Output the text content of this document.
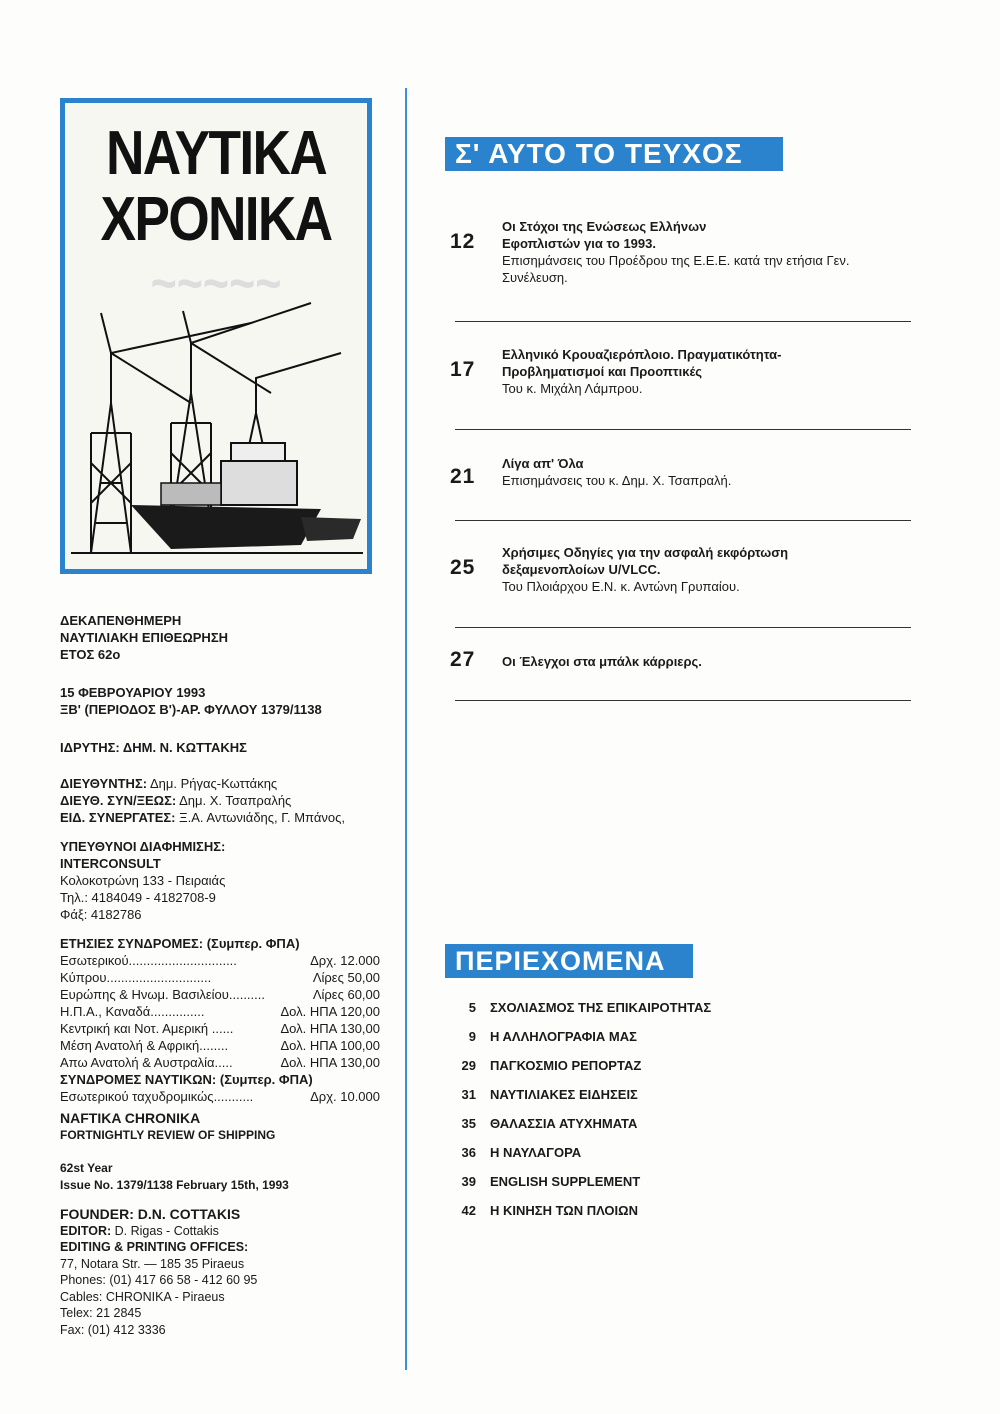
ΝΑΥΤΙΚΑ
ΧΡΟΝΙΚΑ
~~~~~
ΔΕΚΑΠΕΝΘΗΜΕΡΗ
ΝΑΥΤΙΛΙΑΚΗ ΕΠΙΘΕΩΡΗΣΗ
ΕΤΟΣ 62ο
15 ΦΕΒΡΟΥΑΡΙΟΥ 1993
ΞΒ' (ΠΕΡΙΟΔΟΣ Β')-ΑΡ. ΦΥΛΛΟΥ 1379/1138
ΙΔΡΥΤΗΣ: ΔΗΜ. Ν. ΚΩΤΤΑΚΗΣ
ΔΙΕΥΘΥΝΤΗΣ: Δημ. Ρήγας-Κωττάκης
ΔΙΕΥΘ. ΣΥΝ/ΞΕΩΣ: Δημ. Χ. Τσαπραλής
ΕΙΔ. ΣΥΝΕΡΓΑΤΕΣ: Ξ.Α. Αντωνιάδης, Γ. Μπάνος,
ΥΠΕΥΘΥΝΟΙ ΔΙΑΦΗΜΙΣΗΣ:
INTERCONSULT
Κολοκοτρώνη 133 - Πειραιάς
Τηλ.: 4184049 - 4182708-9
Φάξ: 4182786
ΕΤΗΣΙΕΣ ΣΥΝΔΡΟΜΕΣ: (Συμπερ. ΦΠΑ)
Εσωτερικού..............................	Δρχ. 12.000
Κύπρου.............................	Λίρες 50,00
Ευρώπης & Ηνωμ. Βασιλείου..........	Λίρες 60,00
Η.Π.Α., Καναδά...............	Δολ. ΗΠΑ 120,00
Κεντρική και Νοτ. Αμερική ......	Δολ. ΗΠΑ 130,00
Μέση Ανατολή & Αφρική........	Δολ. ΗΠΑ 100,00
Απω Ανατολή & Αυστραλία.....	Δολ. ΗΠΑ 130,00
ΣΥΝΔΡΟΜΕΣ ΝΑΥΤΙΚΩΝ: (Συμπερ. ΦΠΑ)
Εσωτερικού ταχυδρομικώς...........	Δρχ. 10.000
NAFTIKA CHRONIKA
FORTNIGHTLY REVIEW OF SHIPPING
62st Year
Issue No. 1379/1138 February 15th, 1993
FOUNDER: D.N. COTTAKIS
EDITOR: D. Rigas - Cottakis
EDITING & PRINTING OFFICES:
77, Notara Str. — 185 35 Piraeus
Phones: (01) 417 66 58 - 412 60 95
Cables: CHRONIKA - Piraeus
Telex: 21 2845
Fax: (01) 412 3336
Σ' ΑΥΤΟ ΤΟ ΤΕΥΧΟΣ
12
Οι Στόχοι της Ενώσεως Ελλήνων Εφοπλιστών για το 1993.
Επισημάνσεις του Προέδρου της Ε.Ε.Ε. κατά την ετήσια Γεν. Συνέλευση.
17
Ελληνικό Κρουαζιερόπλοιο. Πραγματικότητα-Προβληματισμοί και Προοπτικές
Του κ. Μιχάλη Λάμπρου.
21
Λίγα απ' Όλα
Επισημάνσεις του κ. Δημ. Χ. Τσαπραλή.
25
Χρήσιμες Οδηγίες για την ασφαλή εκφόρτωση δεξαμενοπλοίων U/VLCC.
Του Πλοιάρχου Ε.Ν. κ. Αντώνη Γρυπαίου.
27 Οι Έλεγχοι στα μπάλκ κάρριερς.
ΠΕΡΙΕΧΟΜΕΝΑ
5 ΣΧΟΛΙΑΣΜΟΣ ΤΗΣ ΕΠΙΚΑΙΡΟΤΗΤΑΣ
9 Η ΑΛΛΗΛΟΓΡΑΦΙΑ ΜΑΣ
29 ΠΑΓΚΟΣΜΙΟ ΡΕΠΟΡΤΑΖ
31 ΝΑΥΤΙΛΙΑΚΕΣ ΕΙΔΗΣΕΙΣ
35 ΘΑΛΑΣΣΙΑ ΑΤΥΧΗΜΑΤΑ
36 Η ΝΑΥΛΑΓΟΡΑ
39 ENGLISH SUPPLEMENT
42 Η ΚΙΝΗΣΗ ΤΩΝ ΠΛΟΙΩΝ
